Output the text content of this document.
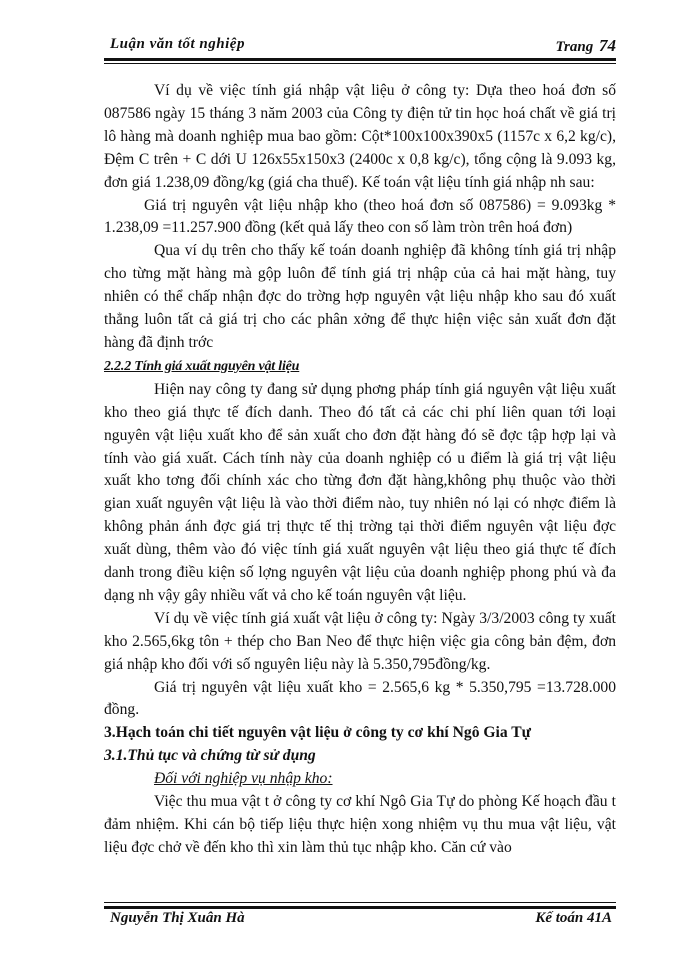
Luận văn tốt nghiệp	Trang 74

Ví dụ về việc tính giá nhập vật liệu ở công ty: Dựa theo hoá đơn số 087586 ngày 15 tháng 3 năm 2003 của Công ty điện tử tin học hoá chất về giá trị lô hàng mà doanh nghiệp mua bao gồm: Cột*100x100x390x5 (1157c x 6,2 kg/c), Đệm C trên + C dới U 126x55x150x3 (2400c x 0,8 kg/c), tổng cộng là 9.093 kg, đơn giá 1.238,09 đồng/kg (giá cha thuế). Kế toán vật liệu tính giá nhập nh sau:

Giá trị nguyên vật liệu nhập kho (theo hoá đơn số 087586) = 9.093kg * 1.238,09 =11.257.900 đồng (kết quả lấy theo con số làm tròn trên hoá đơn)

Qua ví dụ trên cho thấy kế toán doanh nghiệp đã không tính giá trị nhập cho từng mặt hàng mà gộp luôn để tính giá trị nhập của cả hai mặt hàng, tuy nhiên có thể chấp nhận đợc do trờng hợp nguyên vật liệu nhập kho sau đó xuất thẳng luôn tất cả giá trị cho các phân xởng để thực hiện việc sản xuất đơn đặt hàng đã định trớc

2.2.2 Tính giá xuất nguyên vật liệu

Hiện nay công ty đang sử dụng phơng pháp tính giá nguyên vật liệu xuất kho theo giá thực tế đích danh. Theo đó tất cả các chi phí liên quan tới loại nguyên vật liệu xuất kho để sản xuất cho đơn đặt hàng đó sẽ đợc tập hợp lại và tính vào giá xuất. Cách tính này của doanh nghiệp có u điểm là giá trị vật liệu xuất kho tơng đối chính xác cho từng đơn đặt hàng,không phụ thuộc vào thời gian xuất nguyên vật liệu là vào thời điểm nào, tuy nhiên nó lại có nhợc điểm là không phản ánh đợc giá trị thực tế thị trờng tại thời điểm nguyên vật liệu đợc xuất dùng, thêm vào đó việc tính giá xuất nguyên vật liệu theo giá thực tế đích danh trong điều kiện số lợng nguyên vật liệu của doanh nghiệp phong phú và đa dạng nh vậy gây nhiều vất vả cho kế toán nguyên vật liệu.

Ví dụ về việc tính giá xuất vật liệu ở công ty: Ngày 3/3/2003 công ty xuất kho 2.565,6kg tôn + thép cho Ban Neo để thực hiện việc gia công bản đệm, đơn giá nhập kho đối với số nguyên liệu này là 5.350,795đồng/kg.

Giá trị nguyên vật liệu xuất kho = 2.565,6 kg * 5.350,795 =13.728.000 đồng.

3.Hạch toán chi tiết nguyên vật liệu ở công ty cơ khí Ngô Gia Tự

3.1.Thủ tục và chứng từ sử dụng

Đối với nghiệp vụ nhập kho:

Việc thu mua vật t ở công ty cơ khí Ngô Gia Tự do phòng Kế hoạch đầu t đảm nhiệm. Khi cán bộ tiếp liệu thực hiện xong nhiệm vụ thu mua vật liệu, vật liệu đợc chở về đến kho thì xin làm thủ tục nhập kho. Căn cứ vào

Nguyễn Thị Xuân Hà	Kế toán 41A
